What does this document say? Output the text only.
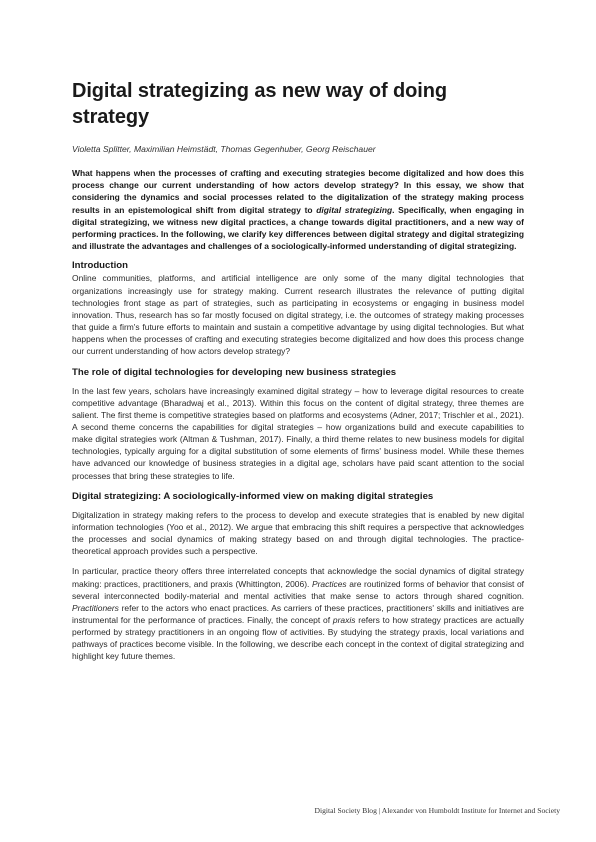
Digital strategizing as new way of doing strategy
Violetta Splitter, Maximilian Heimstädt, Thomas Gegenhuber, Georg Reischauer
What happens when the processes of crafting and executing strategies become digitalized and how does this process change our current understanding of how actors develop strategy? In this essay, we show that considering the dynamics and social processes related to the digitalization of the strategy making process results in an epistemological shift from digital strategy to digital strategizing. Specifically, when engaging in digital strategizing, we witness new digital practices, a change towards digital practitioners, and a new way of performing practices. In the following, we clarify key differences between digital strategy and digital strategizing and illustrate the advantages and challenges of a sociologically-informed understanding of digital strategizing.
Introduction

Online communities, platforms, and artificial intelligence are only some of the many digital technologies that organizations increasingly use for strategy making. Current research illustrates the relevance of putting digital technologies front stage as part of strategies, such as participating in ecosystems or engaging in business model innovation. Thus, research has so far mostly focused on digital strategy, i.e. the outcomes of strategy making processes that guide a firm's future efforts to maintain and sustain a competitive advantage by using digital technologies. But what happens when the processes of crafting and executing strategies become digitalized and how does this process change our current understanding of how actors develop strategy?

The role of digital technologies for developing new business strategies

In the last few years, scholars have increasingly examined digital strategy – how to leverage digital resources to create competitive advantage (Bharadwaj et al., 2013). Within this focus on the content of digital strategy, three themes are salient. The first theme is competitive strategies based on platforms and ecosystems (Adner, 2017; Trischler et al., 2021). A second theme concerns the capabilities for digital strategies – how organizations build and execute capabilities to make digital strategies work (Altman & Tushman, 2017). Finally, a third theme relates to new business models for digital technologies, typically arguing for a digital substitution of some elements of firms' business model. While these themes have advanced our knowledge of business strategies in a digital age, scholars have paid scant attention to the social processes that bring these strategies to life.

Digital strategizing: A sociologically-informed view on making digital strategies

Digitalization in strategy making refers to the process to develop and execute strategies that is enabled by new digital information technologies (Yoo et al., 2012). We argue that embracing this shift requires a perspective that acknowledges the processes and social dynamics of making strategy based on and through digital technologies. The practice-theoretical approach provides such a perspective.

In particular, practice theory offers three interrelated concepts that acknowledge the social dynamics of digital strategy making: practices, practitioners, and praxis (Whittington, 2006). Practices are routinized forms of behavior that consist of several interconnected bodily-material and mental activities that make sense to actors through shared cognition. Practitioners refer to the actors who enact practices. As carriers of these practices, practitioners' skills and initiatives are instrumental for the performance of practices. Finally, the concept of praxis refers to how strategy practices are actually performed by strategy practitioners in an ongoing flow of activities. By studying the strategy praxis, local variations and pathways of practices become visible. In the following, we describe each concept in the context of digital strategizing and highlight key future themes.

Digital Society Blog | Alexander von Humboldt Institute for Internet and Society
